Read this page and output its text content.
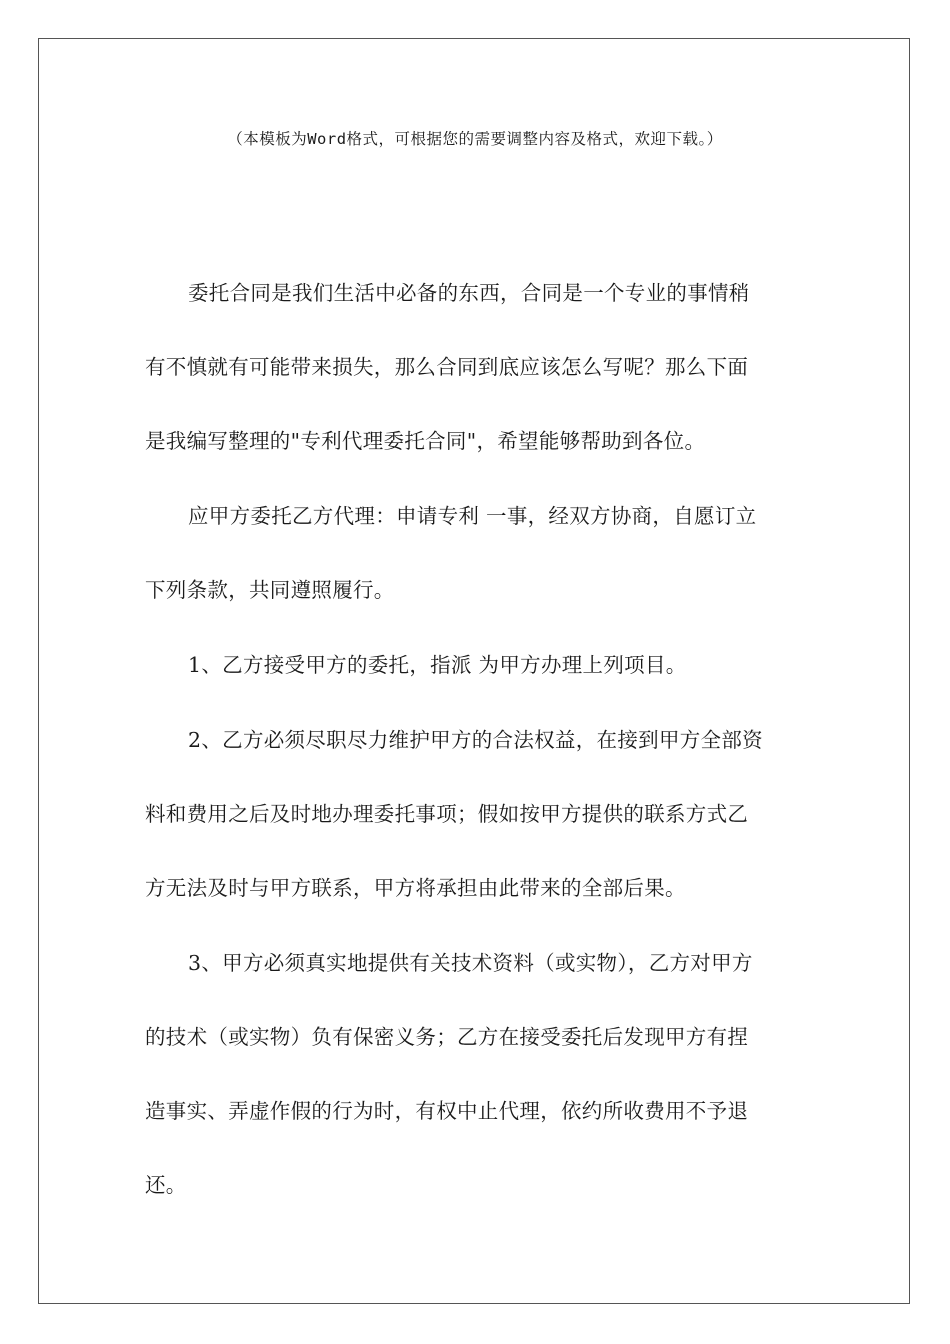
（本模板为Word格式，可根据您的需要调整内容及格式，欢迎下载。）
委托合同是我们生活中必备的东西，合同是一个专业的事情稍
有不慎就有可能带来损失，那么合同到底应该怎么写呢？那么下面
是我编写整理的"专利代理委托合同"，希望能够帮助到各位。
应甲方委托乙方代理：申请专利 一事，经双方协商，自愿订立
下列条款，共同遵照履行。
1、乙方接受甲方的委托，指派 为甲方办理上列项目。
2、乙方必须尽职尽力维护甲方的合法权益，在接到甲方全部资
料和费用之后及时地办理委托事项；假如按甲方提供的联系方式乙
方无法及时与甲方联系，甲方将承担由此带来的全部后果。
3、甲方必须真实地提供有关技术资料（或实物），乙方对甲方
的技术（或实物）负有保密义务；乙方在接受委托后发现甲方有捏
造事实、弄虚作假的行为时，有权中止代理，依约所收费用不予退
还。
